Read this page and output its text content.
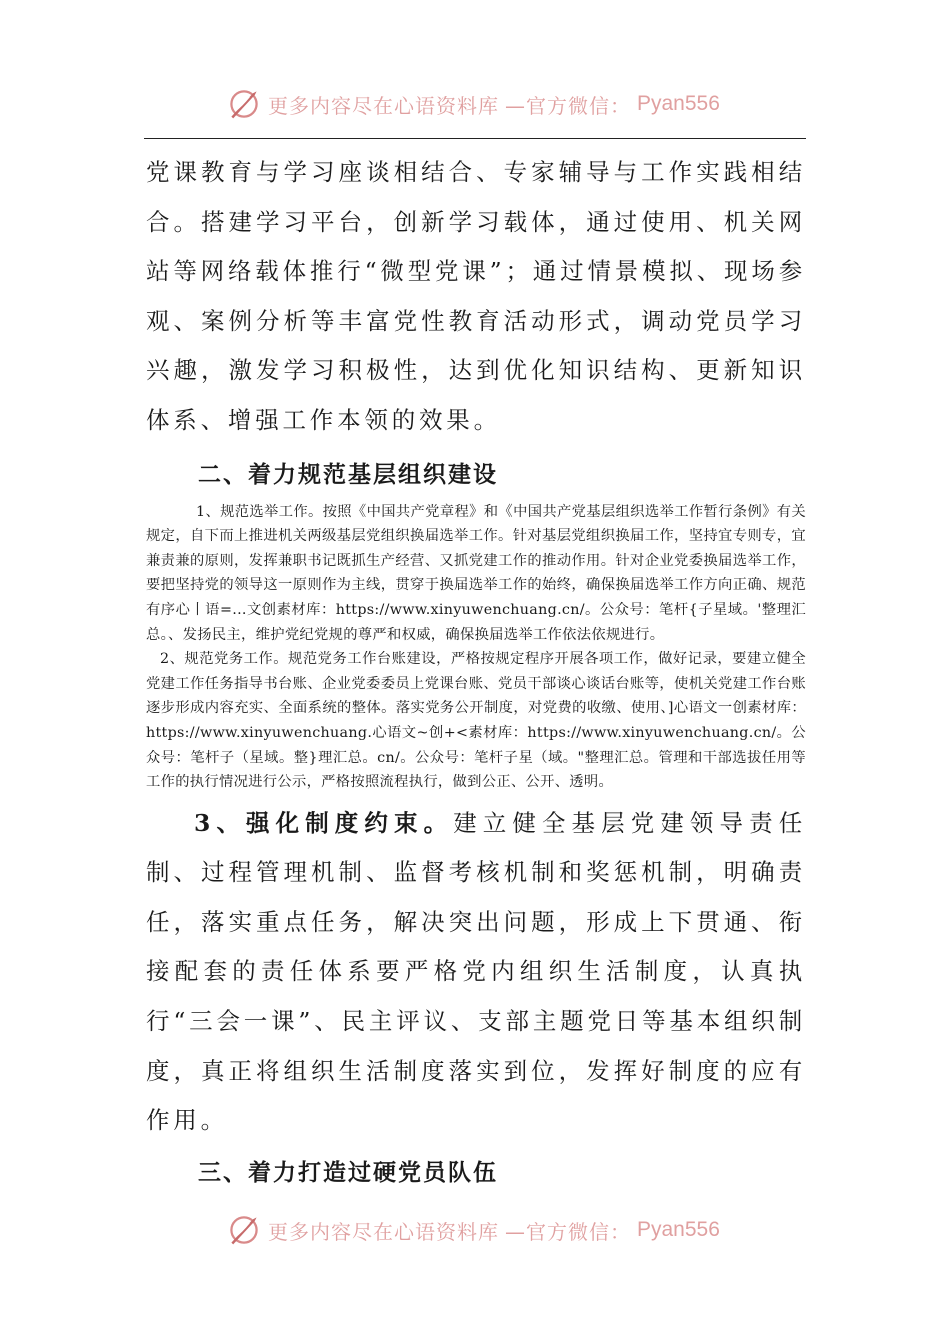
更多内容尽在心语资料库 —官方微信： Pyan556

党课教育与学习座谈相结合、专家辅导与工作实践相结合。搭建学习平台，创新学习载体，通过使用、机关网站等网络载体推行“微型党课”；通过情景模拟、现场参观、案例分析等丰富党性教育活动形式，调动党员学习兴趣，激发学习积极性，达到优化知识结构、更新知识体系、增强工作本领的效果。

二、着力规范基层组织建设

1、规范选举工作。按照《中国共产党章程》和《中国共产党基层组织选举工作暂行条例》有关规定，自下而上推进机关两级基层党组织换届选举工作。针对基层党组织换届工作，坚持宜专则专，宜兼责兼的原则，发挥兼职书记既抓生产经营、又抓党建工作的推动作用。针对企业党委换届选举工作，要把坚持党的领导这一原则作为主线，贯穿于换届选举工作的始终，确保换届选举工作方向正确、规范有序心丨语=...文创素材库：https://www.xinyuwenchuang.cn/。公众号：笔杆{子星域。'整理汇总。、发扬民主，维护党纪党规的尊严和权威，确保换届选举工作依法依规进行。

2、规范党务工作。规范党务工作台账建设，严格按规定程序开展各项工作，做好记录，要建立健全党建工作任务指导书台账、企业党委委员上党课台账、党员干部谈心谈话台账等，使机关党建工作台账逐步形成内容充实、全面系统的整体。落实党务公开制度，对党费的收缴、使用、]心语文一创素材库：https://www.xinyuwenchuang.心语文~创+<素材库：https://www.xinyuwenchuang.cn/。公众号：笔杆子（星域。整}理汇总。cn/。公众号：笔杆子星（域。"整理汇总。管理和干部选拔任用等工作的执行情况进行公示，严格按照流程执行，做到公正、公开、透明。

3、强化制度约束。建立健全基层党建领导责任制、过程管理机制、监督考核机制和奖惩机制，明确责任，落实重点任务，解决突出问题，形成上下贯通、衔接配套的责任体系要严格党内组织生活制度，认真执行“三会一课”、民主评议、支部主题党日等基本组织制度，真正将组织生活制度落实到位，发挥好制度的应有作用。

三、着力打造过硬党员队伍

更多内容尽在心语资料库 —官方微信： Pyan556
